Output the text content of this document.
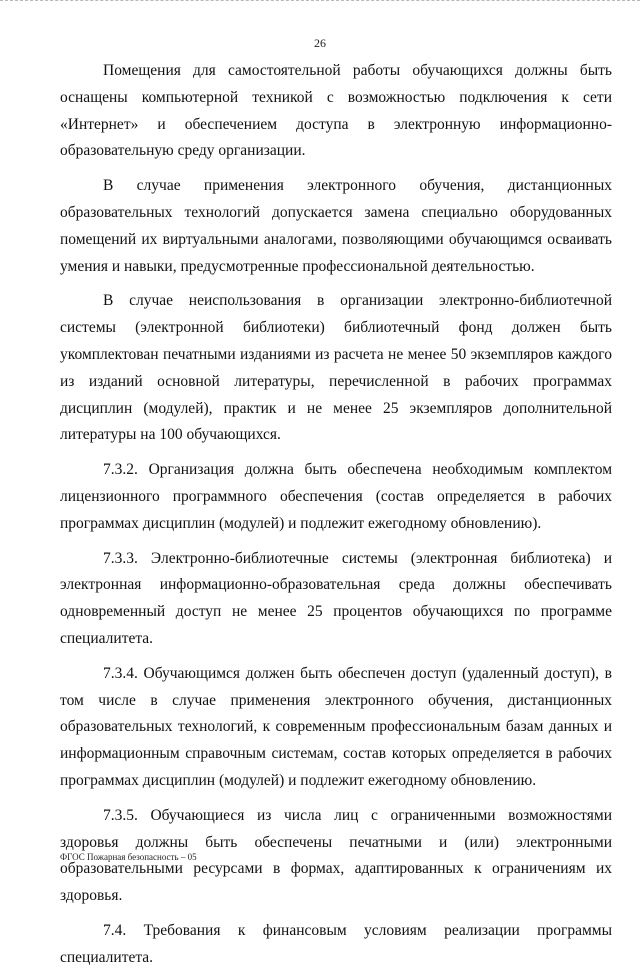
26

Помещения для самостоятельной работы обучающихся должны быть оснащены компьютерной техникой с возможностью подключения к сети «Интернет» и обеспечением доступа в электронную информационно-образовательную среду организации.

В случае применения электронного обучения, дистанционных образовательных технологий допускается замена специально оборудованных помещений их виртуальными аналогами, позволяющими обучающимся осваивать умения и навыки, предусмотренные профессиональной деятельностью.

В случае неиспользования в организации электронно-библиотечной системы (электронной библиотеки) библиотечный фонд должен быть укомплектован печатными изданиями из расчета не менее 50 экземпляров каждого из изданий основной литературы, перечисленной в рабочих программах дисциплин (модулей), практик и не менее 25 экземпляров дополнительной литературы на 100 обучающихся.

7.3.2. Организация должна быть обеспечена необходимым комплектом лицензионного программного обеспечения (состав определяется в рабочих программах дисциплин (модулей) и подлежит ежегодному обновлению).

7.3.3. Электронно-библиотечные системы (электронная библиотека) и электронная информационно-образовательная среда должны обеспечивать одновременный доступ не менее 25 процентов обучающихся по программе специалитета.

7.3.4. Обучающимся должен быть обеспечен доступ (удаленный доступ), в том числе в случае применения электронного обучения, дистанционных образовательных технологий, к современным профессиональным базам данных и информационным справочным системам, состав которых определяется в рабочих программах дисциплин (модулей) и подлежит ежегодному обновлению.

7.3.5. Обучающиеся из числа лиц с ограниченными возможностями здоровья должны быть обеспечены печатными и (или) электронными образовательными ресурсами в формах, адаптированных к ограничениям их здоровья.

7.4. Требования к финансовым условиям реализации программы специалитета.

ФГОС Пожарная безопасность – 05
